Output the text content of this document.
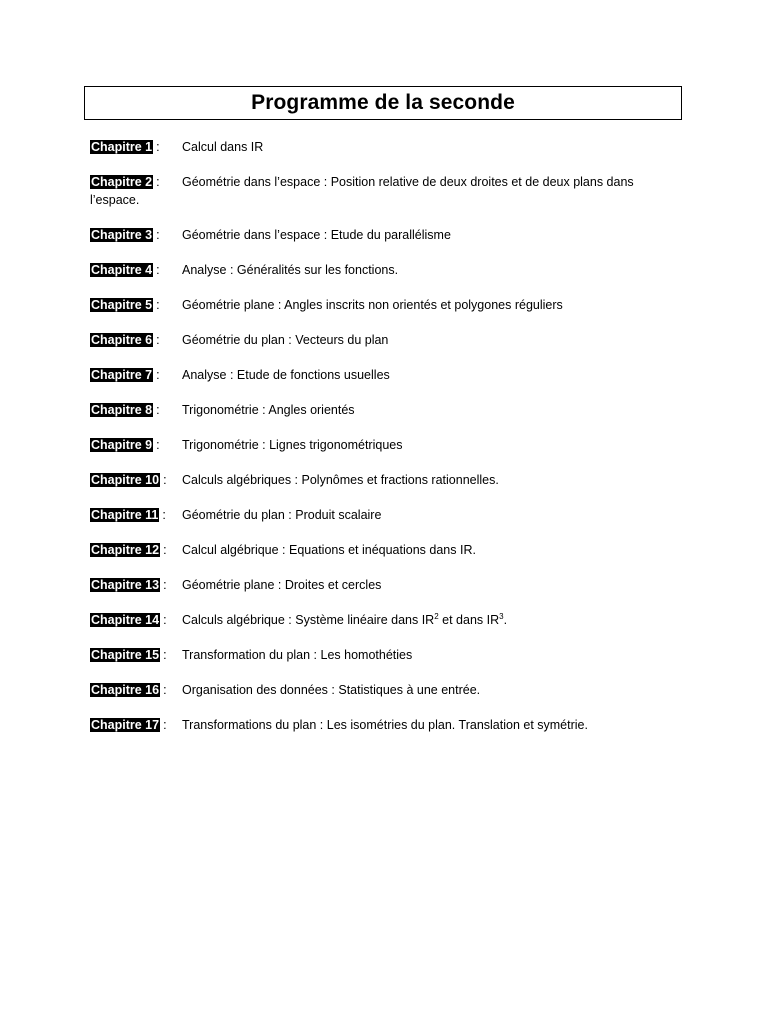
Programme de la seconde
Chapitre 1 : Calcul dans IR
Chapitre 2 :	Géométrie dans l’espace : Position relative de deux droites et de deux plans dans l’espace.
Chapitre 3 : Géométrie dans l’espace : Etude du parallélisme
Chapitre 4 : Analyse : Généralités sur les fonctions.
Chapitre 5 : Géométrie plane : Angles inscrits non orientés et polygones réguliers
Chapitre 6 : Géométrie du plan : Vecteurs du plan
Chapitre 7 : Analyse : Etude de fonctions usuelles
Chapitre 8 : Trigonométrie : Angles orientés
Chapitre 9 : Trigonométrie : Lignes trigonométriques
Chapitre 10 : Calculs algébriques : Polynômes et fractions rationnelles.
Chapitre 11 : Géométrie du plan : Produit scalaire
Chapitre 12 : Calcul algébrique : Equations et inéquations dans IR.
Chapitre 13 : Géométrie plane : Droites et cercles
Chapitre 14 : Calculs algébrique : Système linéaire dans $IR^2$ et dans $IR^3$.
Chapitre 15 : Transformation du plan : Les homothéties
Chapitre 16 : Organisation des données : Statistiques à une entrée.
Chapitre 17 : Transformations du plan : Les isométries du plan. Translation et symétrie.
